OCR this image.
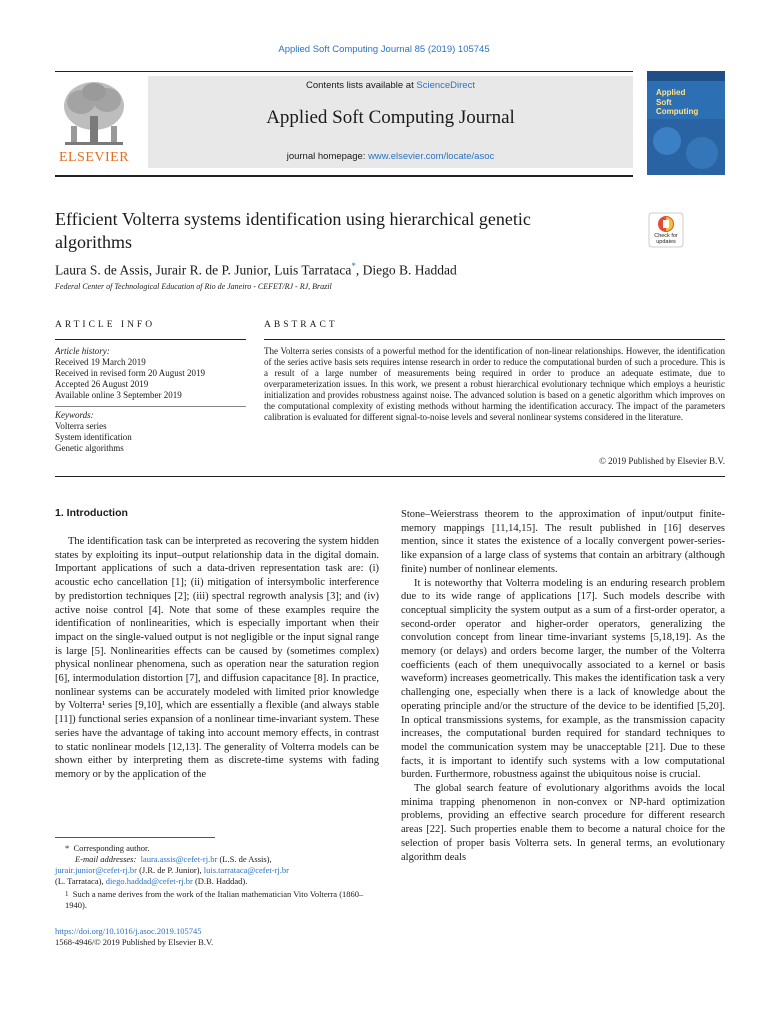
Applied Soft Computing Journal 85 (2019) 105745
ELSEVIER
Contents lists available at ScienceDirect
Applied Soft Computing Journal
journal homepage: www.elsevier.com/locate/asoc
Applied
Soft
Computing
Efficient Volterra systems identification using hierarchical genetic
algorithms	Check for
updates
Laura S. de Assis, Jurair R. de P. Junior, Luis Tarrataca*, Diego B. Haddad
Federal Center of Technological Education of Rio de Janeiro - CEFET/RJ - RJ, Brazil
ARTICLE INFO	ABSTRACT
Article history:
Received 19 March 2019
Received in revised form 20 August 2019
Accepted 26 August 2019
Available online 3 September 2019
Keywords:
Volterra series
System identification
Genetic algorithms
The Volterra series consists of a powerful method for the identification of non-linear relationships. However, the identification of the series active basis sets requires intense research in order to reduce the computational burden of such a procedure. This is a result of a large number of measurements being required in order to produce an adequate estimate, due to overparameterization issues. In this work, we present a robust hierarchical evolutionary technique which employs a heuristic initialization and provides robustness against noise. The advanced solution is based on a genetic algorithm which improves on the computational complexity of existing methods without harming the identification accuracy. The impact of the parameters calibration is evaluated for different signal-to-noise levels and several nonlinear systems considered in the literature.
© 2019 Published by Elsevier B.V.
1. Introduction

The identification task can be interpreted as recovering the system hidden states by exploiting its input–output relationship data in the digital domain. Important applications of such a data-driven representation task are: (i) acoustic echo cancellation [1]; (ii) mitigation of intersymbolic interference by predistortion techniques [2]; (iii) spectral regrowth analysis [3]; and (iv) active noise control [4]. Note that some of these examples require the identification of nonlinearities, which is especially important when their impact on the single-valued output is not negligible or the input signal range is large [5]. Nonlinearities effects can be caused by (sometimes complex) physical nonlinear phenomena, such as operation near the saturation region [6], intermodulation distortion [7], and diffusion capacitance [8]. In practice, nonlinear systems can be accurately modeled with limited prior knowledge by Volterra¹ series [9,10], which are essentially a flexible (and always stable [11]) functional series expansion of a nonlinear time-invariant system. These series have the advantage of taking into account memory effects, in contrast to static nonlinear models [12,13]. The generality of Volterra models can be shown either by interpreting them as discrete-time systems with fading memory or by the application of the

Stone–Weierstrass theorem to the approximation of input/output finite-memory mappings [11,14,15]. The result published in [16] deserves mention, since it states the existence of a locally convergent power-series-like expansion of a large class of systems that contain an arbitrary (although finite) number of nonlinear elements.

It is noteworthy that Volterra modeling is an enduring research problem due to its wide range of applications [17]. Such models describe with conceptual simplicity the system output as a sum of a first-order operator, a second-order operator and higher-order operators, generalizing the convolution concept from linear time-invariant systems [5,18,19]. As the memory (or delays) and orders become larger, the number of the Volterra coefficients (each of them unequivocally associated to a kernel or basis waveform) increases geometrically. This makes the identification task a very challenging one, especially when there is a lack of knowledge about the operating principle and/or the structure of the device to be identified [5,20]. In optical transmissions systems, for example, as the transmission capacity increases, the computational burden required for standard techniques to model the communication system may be unacceptable [21]. Due to these facts, it is important to identify such systems with a low computational burden. Furthermore, robustness against the ubiquitous noise is crucial.

The global search feature of evolutionary algorithms avoids the local minima trapping phenomenon in non-convex or NP-hard optimization problems, providing an effective search procedure for different research areas [22]. Such properties enable them to become a natural choice for the selection of proper basis Volterra sets. In general terms, an evolutionary algorithm deals

* Corresponding author.
E-mail addresses: laura.assis@cefet-rj.br (L.S. de Assis),
jurair.junior@cefet-rj.br (J.R. de P. Junior), luis.tarrataca@cefet-rj.br
(L. Tarrataca), diego.haddad@cefet-rj.br (D.B. Haddad).
$^1$ Such a name derives from the work of the Italian mathematician Vito Volterra (1860–1940).
https://doi.org/10.1016/j.asoc.2019.105745
1568-4946/© 2019 Published by Elsevier B.V.
